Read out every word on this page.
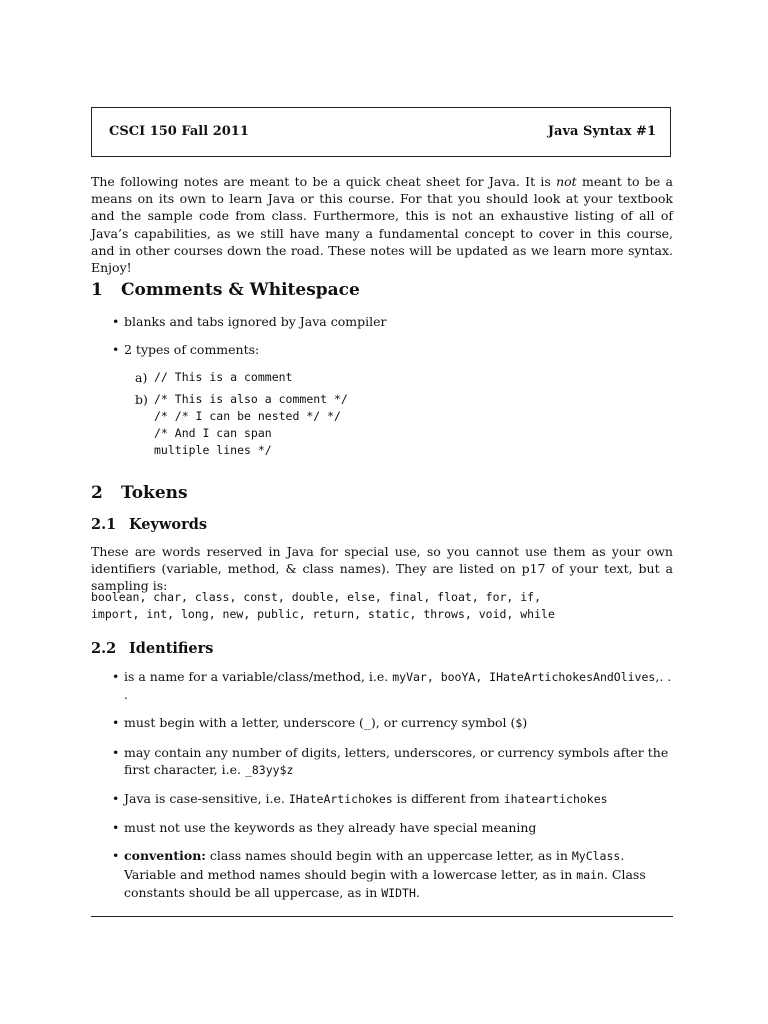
CSCI 150 Fall 2011	Java Syntax #1
The following notes are meant to be a quick cheat sheet for Java. It is not meant to be a means on its own to learn Java or this course. For that you should look at your textbook and the sample code from class. Furthermore, this is not an exhaustive listing of all of Java’s capabilities, as we still have many a fundamental concept to cover in this course, and in other courses down the road. These notes will be updated as we learn more syntax. Enjoy!
1 Comments & Whitespace
• blanks and tabs ignored by Java compiler
• 2 types of comments:
a) // This is a comment
b) /* This is also a comment */
/* /* I can be nested */ */
/* And I can span
multiple lines */
2 Tokens
2.1 Keywords
These are words reserved in Java for special use, so you cannot use them as your own identifiers (variable, method, & class names). They are listed on p17 of your text, but a sampling is:
boolean, char, class, const, double, else, final, float, for, if,
import, int, long, new, public, return, static, throws, void, while
2.2 Identifiers
• is a name for a variable/class/method, i.e. myVar, booYA, IHateArtichokesAndOlives,. . .
• must begin with a letter, underscore (_), or currency symbol ($)
• may contain any number of digits, letters, underscores, or currency symbols after the first character, i.e. _83yy$z
• Java is case-sensitive, i.e. IHateArtichokes is different from ihateartichokes
• must not use the keywords as they already have special meaning
• convention: class names should begin with an uppercase letter, as in MyClass. Variable and method names should begin with a lowercase letter, as in main. Class constants should be all uppercase, as in WIDTH.
